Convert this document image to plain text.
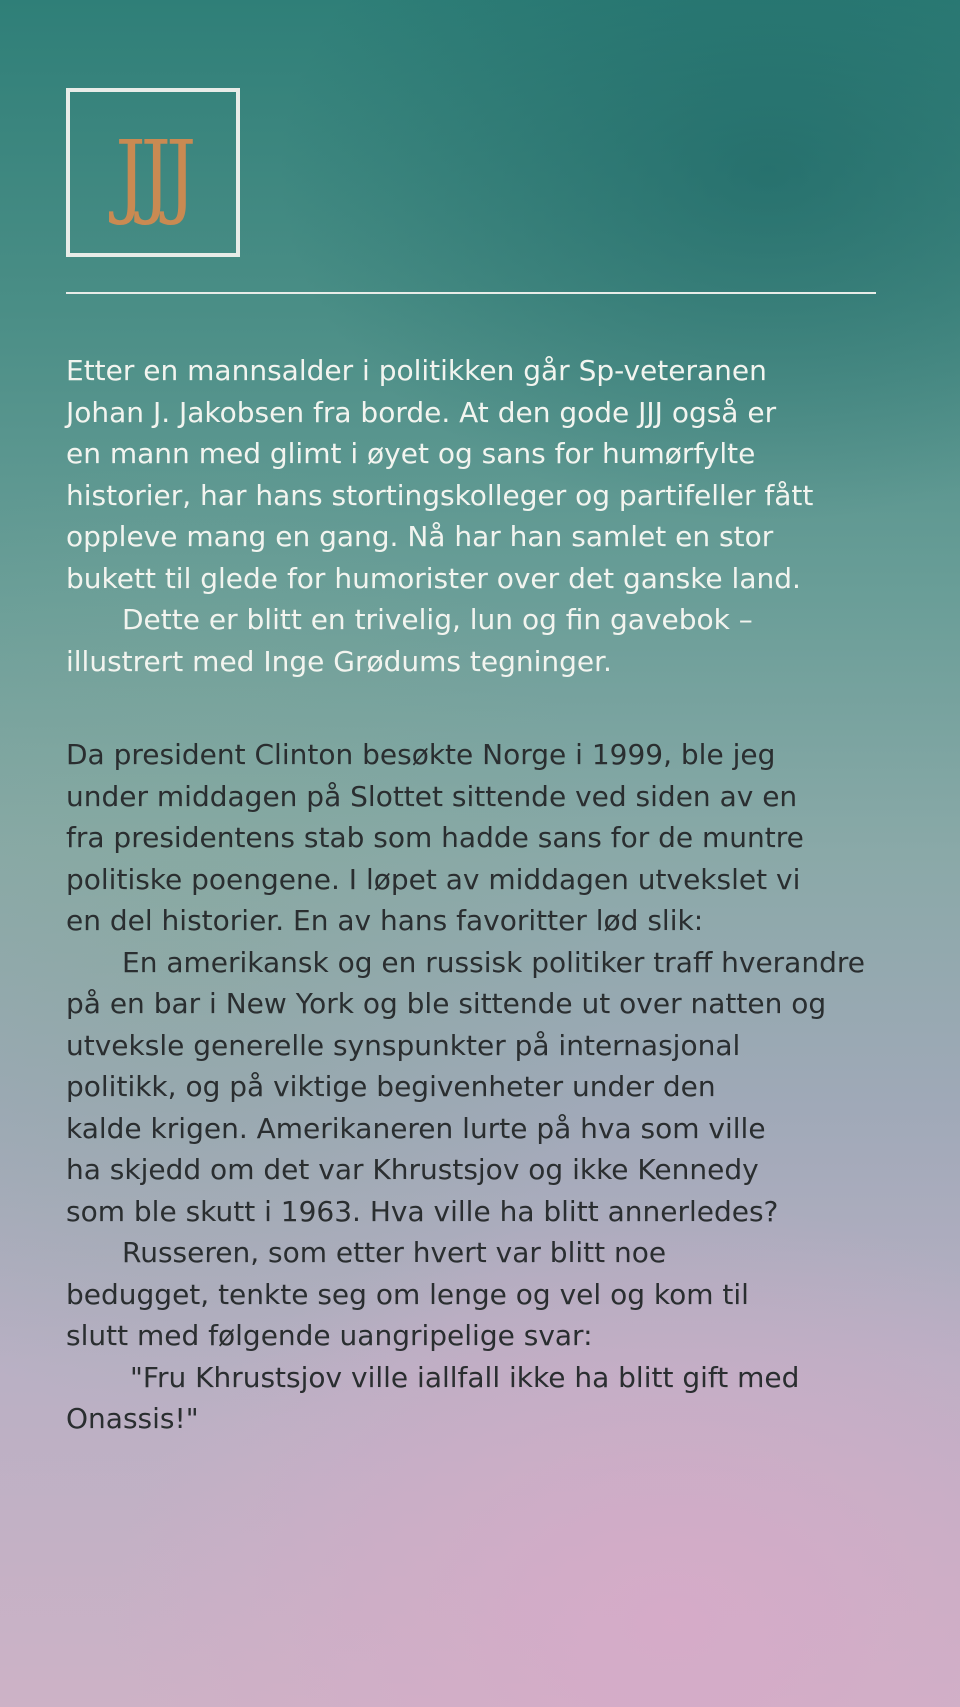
JJJ

Etter en mannsalder i politikken går Sp-veteranen

Johan J. Jakobsen fra borde. At den gode JJJ også er

en mann med glimt i øyet og sans for humørfylte

historier, har hans stortingskolleger og partifeller fått

oppleve mang en gang. Nå har han samlet en stor

bukett til glede for humorister over det ganske land.

Dette er blitt en trivelig, lun og fin gavebok –

illustrert med Inge Grødums tegninger.

Da president Clinton besøkte Norge i 1999, ble jeg

under middagen på Slottet sittende ved siden av en

fra presidentens stab som hadde sans for de muntre

politiske poengene. I løpet av middagen utvekslet vi

en del historier. En av hans favoritter lød slik:

En amerikansk og en russisk politiker traff hverandre

på en bar i New York og ble sittende ut over natten og

utveksle generelle synspunkter på internasjonal

politikk, og på viktige begivenheter under den

kalde krigen. Amerikaneren lurte på hva som ville

ha skjedd om det var Khrustsjov og ikke Kennedy

som ble skutt i 1963. Hva ville ha blitt annerledes?

Russeren, som etter hvert var blitt noe

bedugget, tenkte seg om lenge og vel og kom til

slutt med følgende uangripelige svar:

"Fru Khrustsjov ville iallfall ikke ha blitt gift med

Onassis!"
